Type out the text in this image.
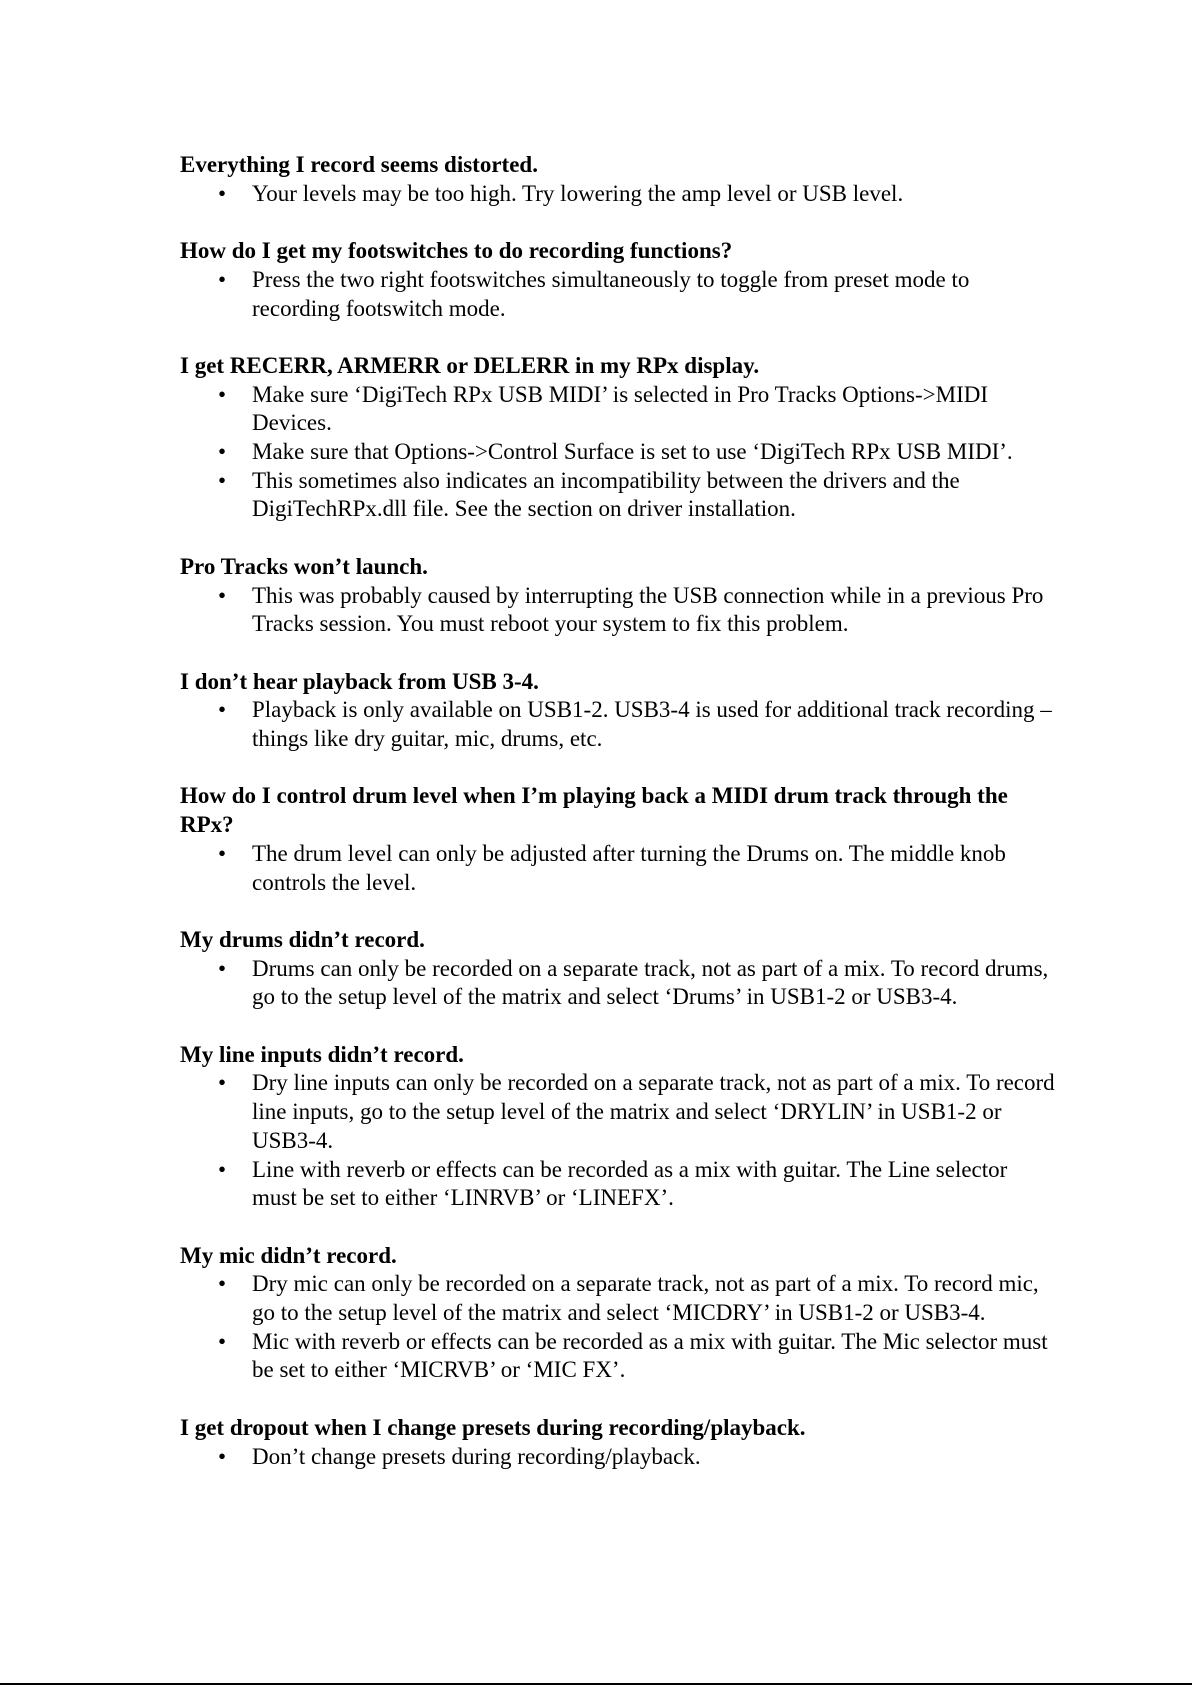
Everything I record seems distorted.
• Your levels may be too high. Try lowering the amp level or USB level.
How do I get my footswitches to do recording functions?
• Press the two right footswitches simultaneously to toggle from preset mode to
recording footswitch mode.
I get RECERR, ARMERR or DELERR in my RPx display.
• Make sure ‘DigiTech RPx USB MIDI’ is selected in Pro Tracks Options->MIDI
Devices.
• Make sure that Options->Control Surface is set to use ‘DigiTech RPx USB MIDI’.
• This sometimes also indicates an incompatibility between the drivers and the
DigiTechRPx.dll file. See the section on driver installation.
Pro Tracks won’t launch.
• This was probably caused by interrupting the USB connection while in a previous Pro
Tracks session. You must reboot your system to fix this problem.
I don’t hear playback from USB 3-4.
• Playback is only available on USB1-2. USB3-4 is used for additional track recording –
things like dry guitar, mic, drums, etc.
How do I control drum level when I’m playing back a MIDI drum track through the
RPx?
• The drum level can only be adjusted after turning the Drums on. The middle knob
controls the level.
My drums didn’t record.
• Drums can only be recorded on a separate track, not as part of a mix. To record drums,
go to the setup level of the matrix and select ‘Drums’ in USB1-2 or USB3-4.
My line inputs didn’t record.
• Dry line inputs can only be recorded on a separate track, not as part of a mix. To record
line inputs, go to the setup level of the matrix and select ‘DRYLIN’ in USB1-2 or
USB3-4.
• Line with reverb or effects can be recorded as a mix with guitar. The Line selector
must be set to either ‘LINRVB’ or ‘LINEFX’.
My mic didn’t record.
• Dry mic can only be recorded on a separate track, not as part of a mix. To record mic,
go to the setup level of the matrix and select ‘MICDRY’ in USB1-2 or USB3-4.
• Mic with reverb or effects can be recorded as a mix with guitar. The Mic selector must
be set to either ‘MICRVB’ or ‘MIC FX’.
I get dropout when I change presets during recording/playback.
• Don’t change presets during recording/playback.
